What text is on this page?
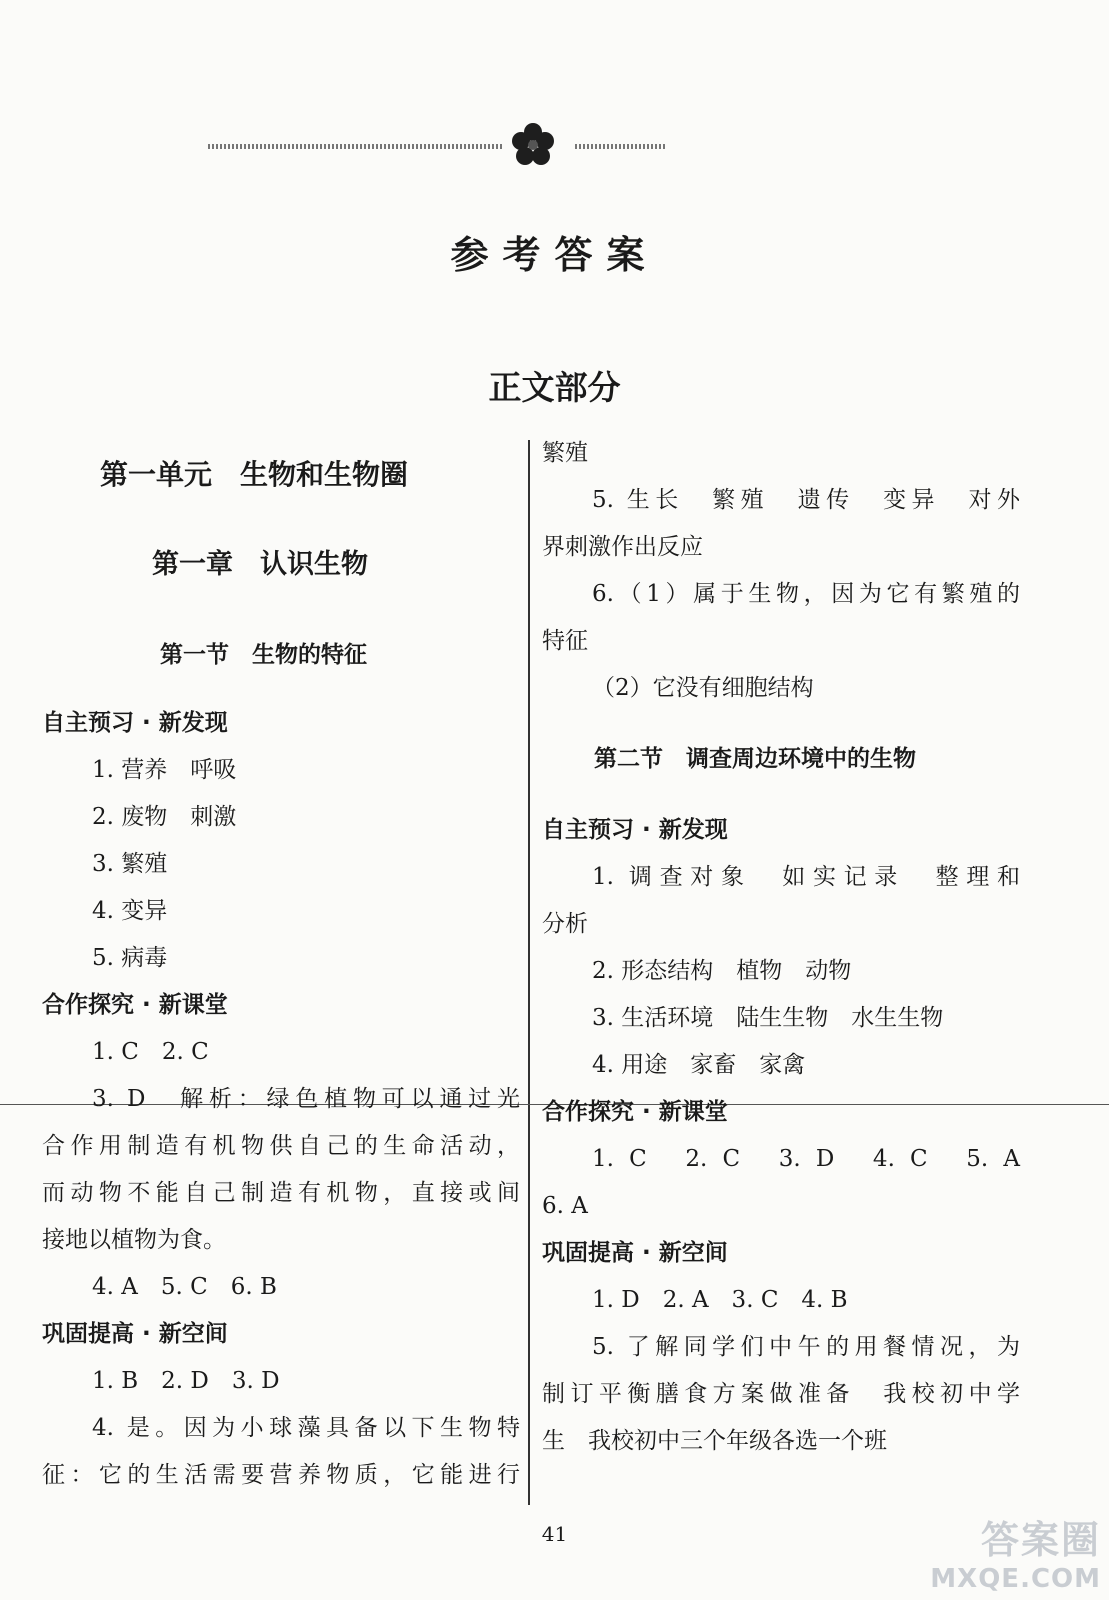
参考答案
正文部分
第一单元　生物和生物圈
第一章　认识生物
第一节　生物的特征
自主预习 · 新发现
1. 营养　呼吸
2. 废物　刺激
3. 繁殖
4. 变异
5. 病毒
合作探究 · 新课堂
1. C　2. C
3. D　解析：绿色植物可以通过光
合作用制造有机物供自己的生命活动，
而动物不能自己制造有机物，直接或间
接地以植物为食。
4. A　5. C　6. B
巩固提高 · 新空间
1. B　2. D　3. D
4. 是。因为小球藻具备以下生物特
征：它的生活需要营养物质，它能进行
繁殖
5. 生长　繁殖　遗传　变异　对外
界刺激作出反应
6.（1）属于生物，因为它有繁殖的
特征
（2）它没有细胞结构
第二节　调查周边环境中的生物
自主预习 · 新发现
1. 调查对象　如实记录　整理和
分析
2. 形态结构　植物　动物
3. 生活环境　陆生生物　水生生物
4. 用途　家畜　家禽
合作探究 · 新课堂
1. C　2. C　3. D　4. C　5. A
6. A
巩固提高 · 新空间
1. D　2. A　3. C　4. B
5. 了解同学们中午的用餐情况，为
制订平衡膳食方案做准备　我校初中学
生　我校初中三个年级各选一个班
41	答案圈
MXQE.COM
